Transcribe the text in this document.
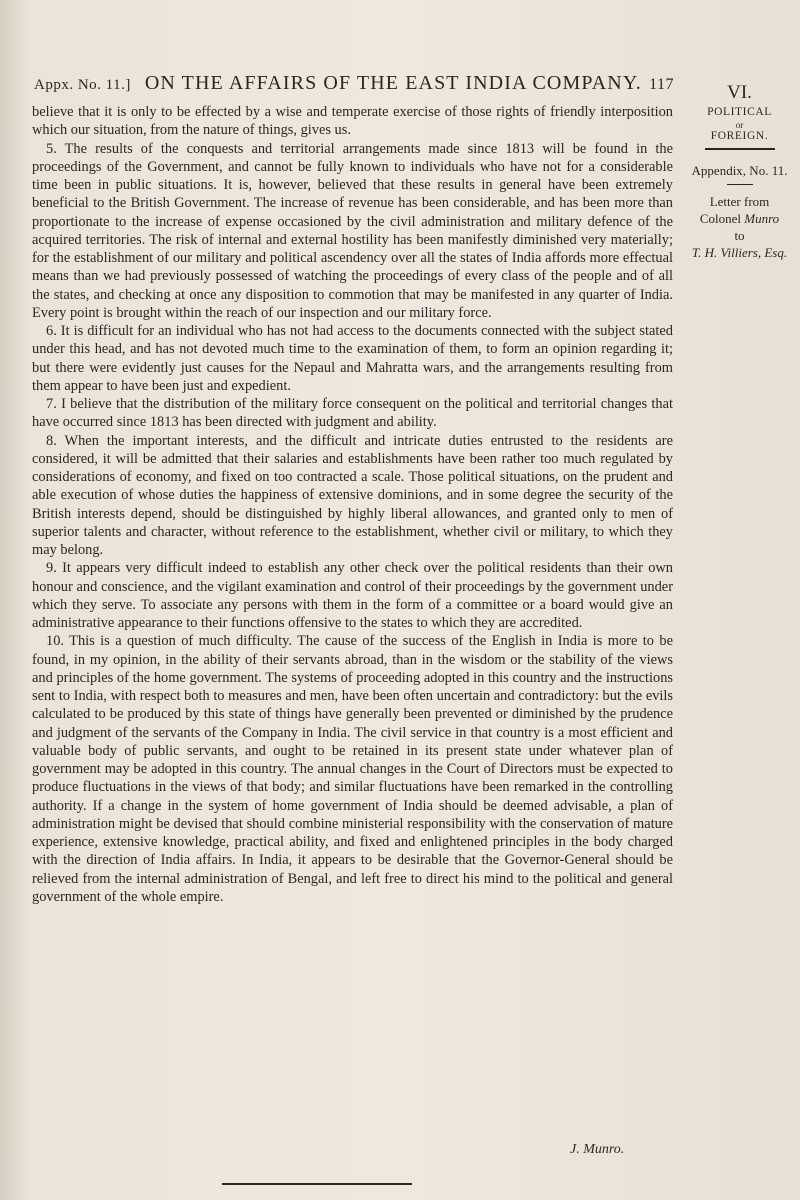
Appx. No. 11.] ON THE AFFAIRS OF THE EAST INDIA COMPANY. 117	VI.
POLITICAL
or
FOREIGN.
Appendix, No. 11.
Letter from
Colonel Munro
to
T. H. Villiers, Esq.

believe that it is only to be effected by a wise and temperate exercise of those rights of friendly interposition which our situation, from the nature of things, gives us.

5. The results of the conquests and territorial arrangements made since 1813 will be found in the proceedings of the Government, and cannot be fully known to individuals who have not for a considerable time been in public situations. It is, however, believed that these results in general have been extremely beneficial to the British Government. The increase of revenue has been considerable, and has been more than proportionate to the increase of expense occasioned by the civil administration and military defence of the acquired territories. The risk of internal and external hostility has been manifestly diminished very materially; for the establishment of our military and political ascendency over all the states of India affords more effectual means than we had previously possessed of watching the proceedings of every class of the people and of all the states, and checking at once any disposition to commotion that may be manifested in any quarter of India. Every point is brought within the reach of our inspection and our military force.

6. It is difficult for an individual who has not had access to the documents connected with the subject stated under this head, and has not devoted much time to the examination of them, to form an opinion regarding it; but there were evidently just causes for the Nepaul and Mahratta wars, and the arrangements resulting from them appear to have been just and expedient.

7. I believe that the distribution of the military force consequent on the political and territorial changes that have occurred since 1813 has been directed with judgment and ability.

8. When the important interests, and the difficult and intricate duties entrusted to the residents are considered, it will be admitted that their salaries and establishments have been rather too much regulated by considerations of economy, and fixed on too contracted a scale. Those political situations, on the prudent and able execution of whose duties the happiness of extensive dominions, and in some degree the security of the British interests depend, should be distinguished by highly liberal allowances, and granted only to men of superior talents and character, without reference to the establishment, whether civil or military, to which they may belong.

9. It appears very difficult indeed to establish any other check over the political residents than their own honour and conscience, and the vigilant examination and control of their proceedings by the government under which they serve. To associate any persons with them in the form of a committee or a board would give an administrative appearance to their functions offensive to the states to which they are accredited.

10. This is a question of much difficulty. The cause of the success of the English in India is more to be found, in my opinion, in the ability of their servants abroad, than in the wisdom or the stability of the views and principles of the home government. The systems of proceeding adopted in this country and the instructions sent to India, with respect both to measures and men, have been often uncertain and contradictory: but the evils calculated to be produced by this state of things have generally been prevented or diminished by the prudence and judgment of the servants of the Company in India. The civil service in that country is a most efficient and valuable body of public servants, and ought to be retained in its present state under whatever plan of government may be adopted in this country. The annual changes in the Court of Directors must be expected to produce fluctuations in the views of that body; and similar fluctuations have been remarked in the controlling authority. If a change in the system of home government of India should be deemed advisable, a plan of administration might be devised that should combine ministerial responsibility with the conservation of mature experience, extensive knowledge, practical ability, and fixed and enlightened principles in the body charged with the direction of India affairs. In India, it appears to be desirable that the Governor-General should be relieved from the internal administration of Bengal, and left free to direct his mind to the political and general government of the whole empire.

J. Munro.
